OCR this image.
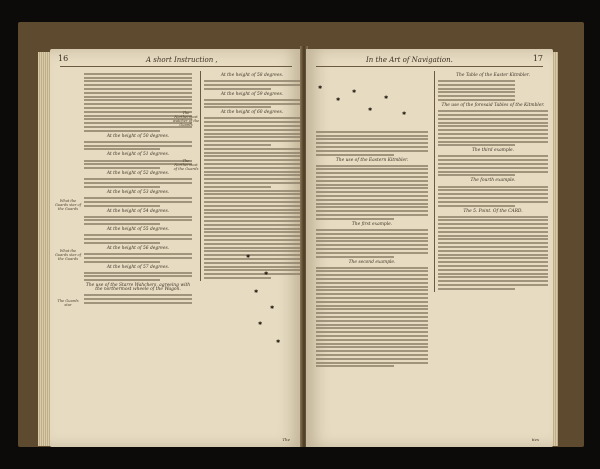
16	A short Instruction ,
At the height of 50 degrees.
At the height of 51 degrees.
At the height of 52 degrees.
At the height of 53 degrees.
At the height of 54 degrees.
At the height of 55 degrees.
At the height of 56 degrees.
At the height of 57 degrees.
The use of the Starre Wahchers, agreeing with the northermost wheele of the Wagon.
What the Guards star of the Guards
What the Guards star of the Guards
The Guards star
At the height of 58 degrees.
At the height of 59 degrees.
At the height of 60 degrees.
The Northermost watcher of the Guards
The Northermost of the Guards
✱
✱
✱
✱
✱
✱
The
In the Art of Navigation.	17
✱
✱
✱
✱
✱
✱
The use of the Eastern Kitmbler.
The first example.
The second example.
The Table of the Easter Kitmbler.
The use of the foresaid Tables of the Kitmbler.
The third example.
The fourth example.
The 5. Point. Of the CARD.
ties
